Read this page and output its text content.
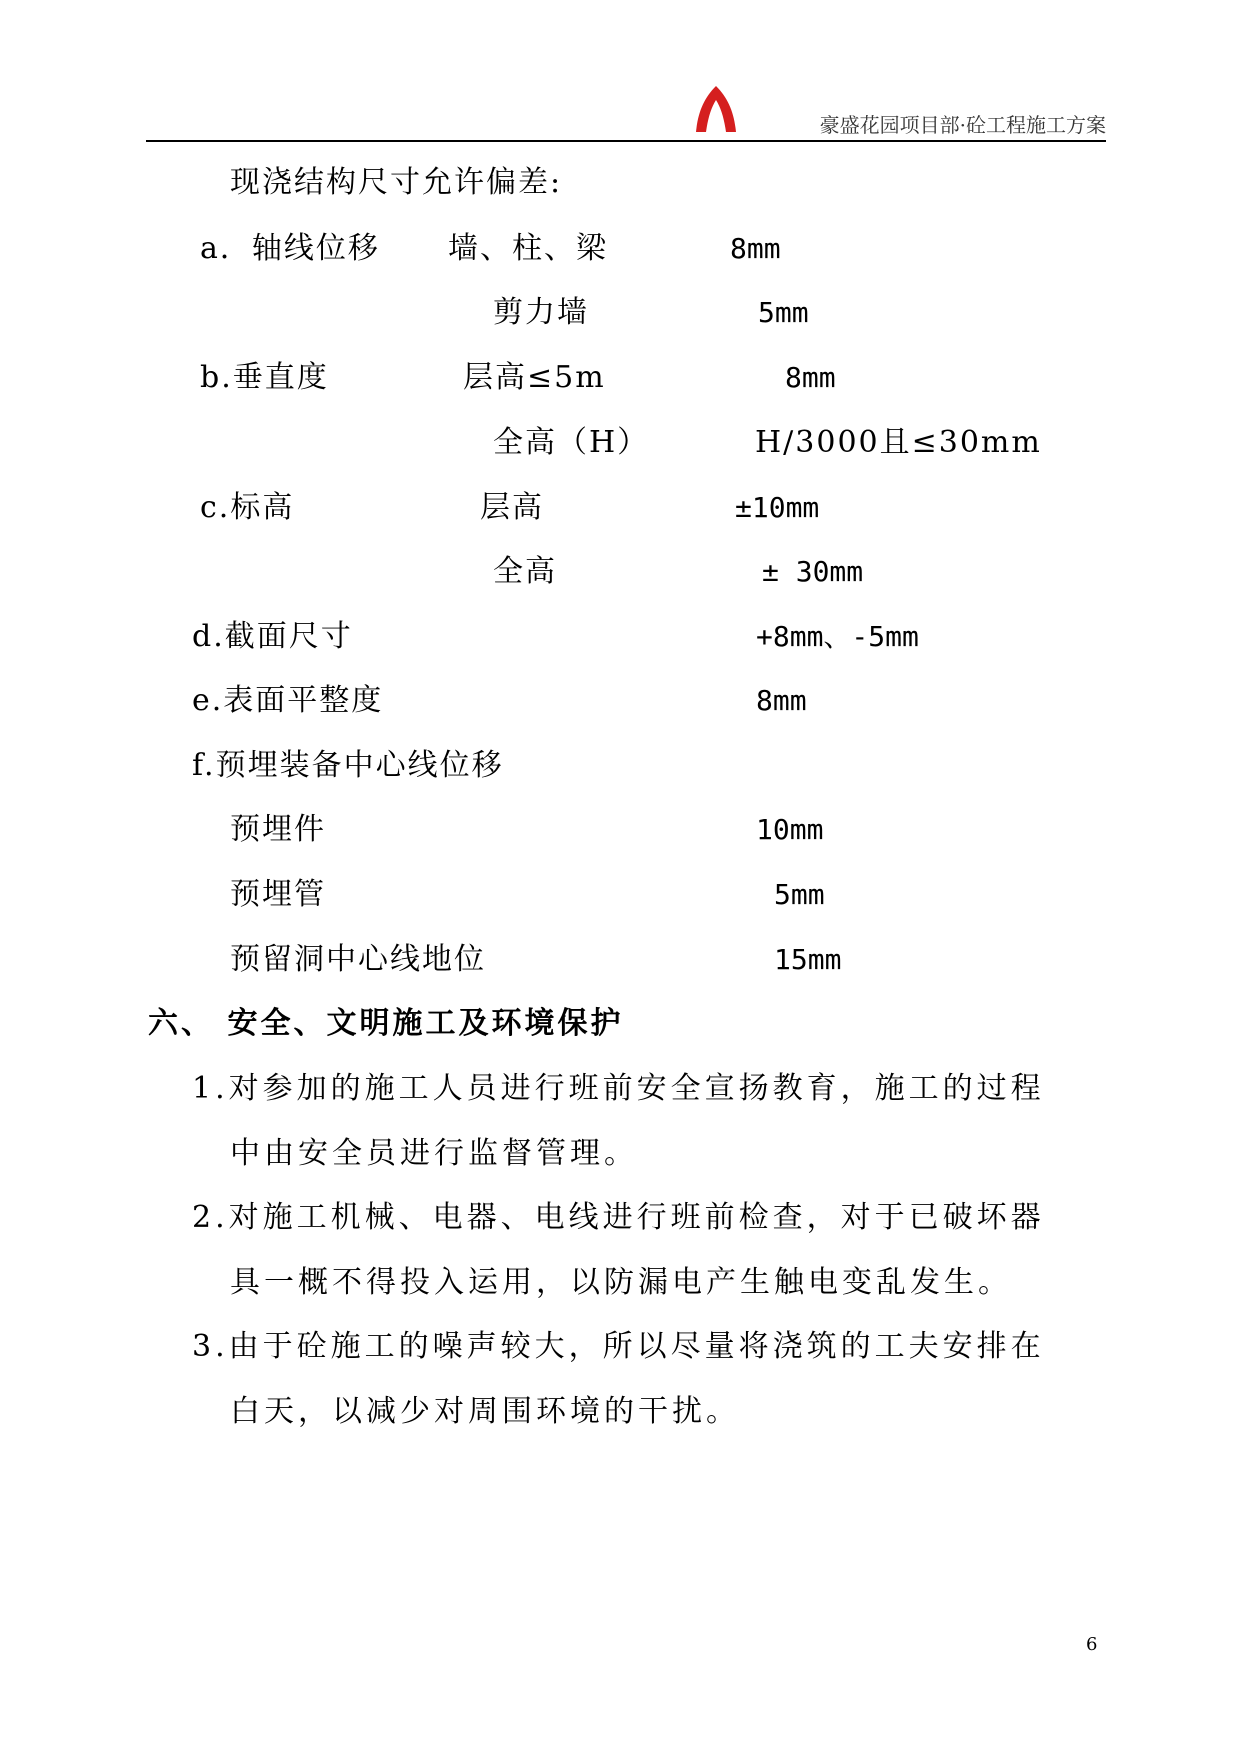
豪盛花园项目部·砼工程施工方案
现浇结构尺寸允许偏差:
a．轴线位移 墙、柱、梁	8mm
剪力墙	5mm
b.垂直度	层高≤5m	8mm
全高（H）	H/3000且≤30mm
c.标高	层高	±10mm
全高	± 30mm
d.截面尺寸	+8mm、-5mm
e.表面平整度	8mm
f.预埋装备中心线位移
预埋件	10mm
预埋管	5mm
预留洞中心线地位	15mm
六、 安全、文明施工及环境保护
1.对参加的施工人员进行班前安全宣扬教育，施工的过程
中由安全员进行监督管理。
2.对施工机械、电器、电线进行班前检查，对于已破坏器
具一概不得投入运用，以防漏电产生触电变乱发生。
3.由于砼施工的噪声较大，所以尽量将浇筑的工夫安排在
白天，以减少对周围环境的干扰。
6
